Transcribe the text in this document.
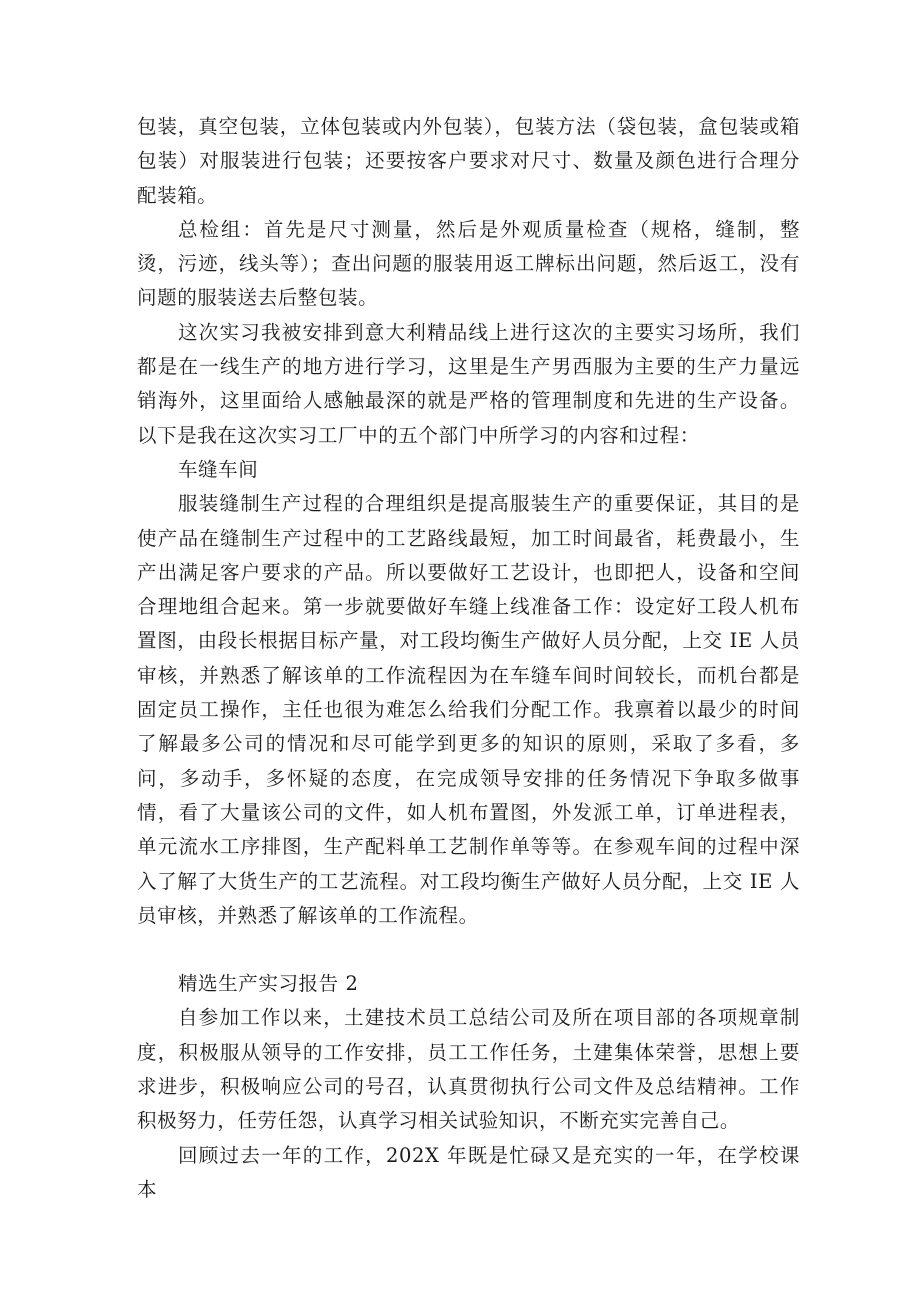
包装，真空包装，立体包装或内外包装），包装方法（袋包装，盒包装或箱包装）对服装进行包装；还要按客户要求对尺寸、数量及颜色进行合理分配装箱。

总检组：首先是尺寸测量，然后是外观质量检查（规格，缝制，整烫，污迹，线头等）；查出问题的服装用返工牌标出问题，然后返工，没有问题的服装送去后整包装。

这次实习我被安排到意大利精品线上进行这次的主要实习场所，我们都是在一线生产的地方进行学习，这里是生产男西服为主要的生产力量远销海外，这里面给人感触最深的就是严格的管理制度和先进的生产设备。以下是我在这次实习工厂中的五个部门中所学习的内容和过程：

车缝车间

服装缝制生产过程的合理组织是提高服装生产的重要保证，其目的是使产品在缝制生产过程中的工艺路线最短，加工时间最省，耗费最小，生产出满足客户要求的产品。所以要做好工艺设计，也即把人，设备和空间合理地组合起来。第一步就要做好车缝上线准备工作：设定好工段人机布置图，由段长根据目标产量，对工段均衡生产做好人员分配，上交 IE 人员审核，并熟悉了解该单的工作流程因为在车缝车间时间较长，而机台都是固定员工操作，主任也很为难怎么给我们分配工作。我禀着以最少的时间了解最多公司的情况和尽可能学到更多的知识的原则，采取了多看，多问，多动手，多怀疑的态度，在完成领导安排的任务情况下争取多做事情，看了大量该公司的文件，如人机布置图，外发派工单，订单进程表，单元流水工序排图，生产配料单工艺制作单等等。在参观车间的过程中深入了解了大货生产的工艺流程。对工段均衡生产做好人员分配，上交 IE 人员审核，并熟悉了解该单的工作流程。

精选生产实习报告 2

自参加工作以来，土建技术员工总结公司及所在项目部的各项规章制度，积极服从领导的工作安排，员工工作任务，土建集体荣誉，思想上要求进步，积极响应公司的号召，认真贯彻执行公司文件及总结精神。工作积极努力，任劳任怨，认真学习相关试验知识，不断充实完善自己。

回顾过去一年的工作，202X 年既是忙碌又是充实的一年，在学校课本
